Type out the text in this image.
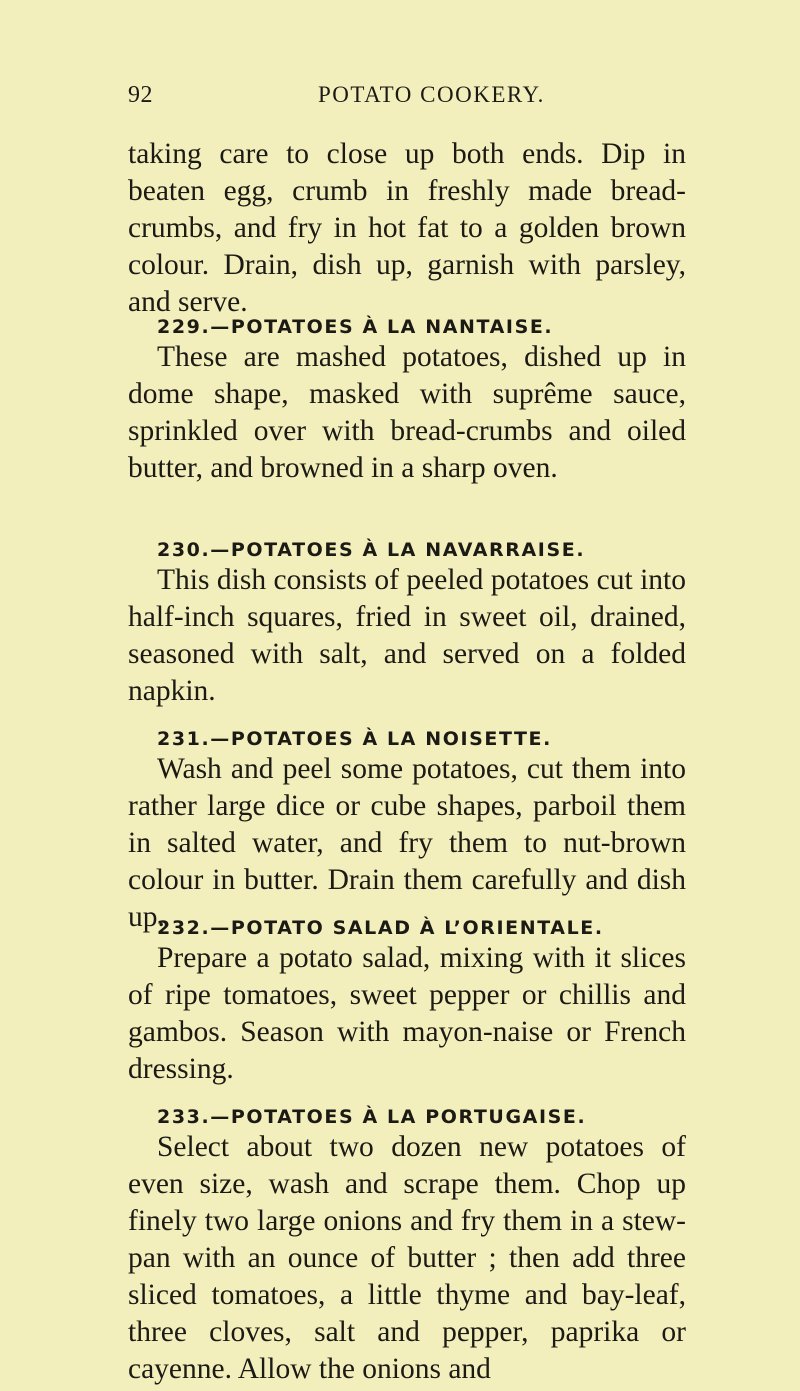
92	POTATO COOKERY.

taking care to close up both ends. Dip in beaten egg, crumb in freshly made bread-crumbs, and fry in hot fat to a golden brown colour. Drain, dish up, garnish with parsley, and serve.

229.—POTATOES À LA NANTAISE.
These are mashed potatoes, dished up in dome shape, masked with suprême sauce, sprinkled over with bread-crumbs and oiled butter, and browned in a sharp oven.
230.—POTATOES À LA NAVARRAISE.
This dish consists of peeled potatoes cut into half-inch squares, fried in sweet oil, drained, seasoned with salt, and served on a folded napkin.
231.—POTATOES À LA NOISETTE.
Wash and peel some potatoes, cut them into rather large dice or cube shapes, parboil them in salted water, and fry them to nut-brown colour in butter. Drain them carefully and dish up.
232.—POTATO SALAD À L’ORIENTALE.
Prepare a potato salad, mixing with it slices of ripe tomatoes, sweet pepper or chillis and gambos. Season with mayon-naise or French dressing.
233.—POTATOES À LA PORTUGAISE.
Select about two dozen new potatoes of even size, wash and scrape them. Chop up finely two large onions and fry them in a stew-pan with an ounce of butter ; then add three sliced tomatoes, a little thyme and bay-leaf, three cloves, salt and pepper, paprika or cayenne. Allow the onions and
